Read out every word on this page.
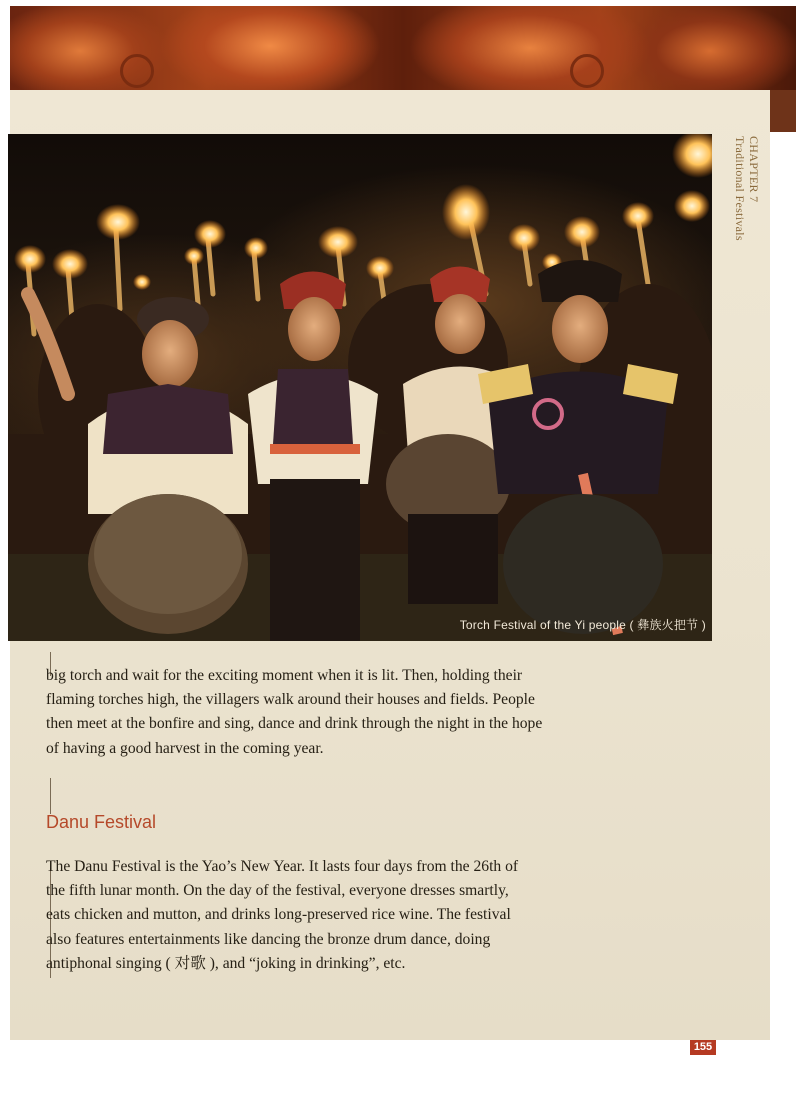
CHAPTER 7
Traditional Festivals
Torch Festival of the Yi people ( 彝族火把节 )

big torch and wait for the exciting moment when it is lit. Then, holding their flaming torches high, the villagers walk around their houses and fields. People then meet at the bonfire and sing, dance and drink through the night in the hope of having a good harvest in the coming year.

Danu Festival

The Danu Festival is the Yao’s New Year. It lasts four days from the 26th of the fifth lunar month. On the day of the festival, everyone dresses smartly, eats chicken and mutton, and drinks long-preserved rice wine. The festival also features entertainments like dancing the bronze drum dance, doing antiphonal singing ( 对歌 ), and “joking in drinking”, etc.

155
